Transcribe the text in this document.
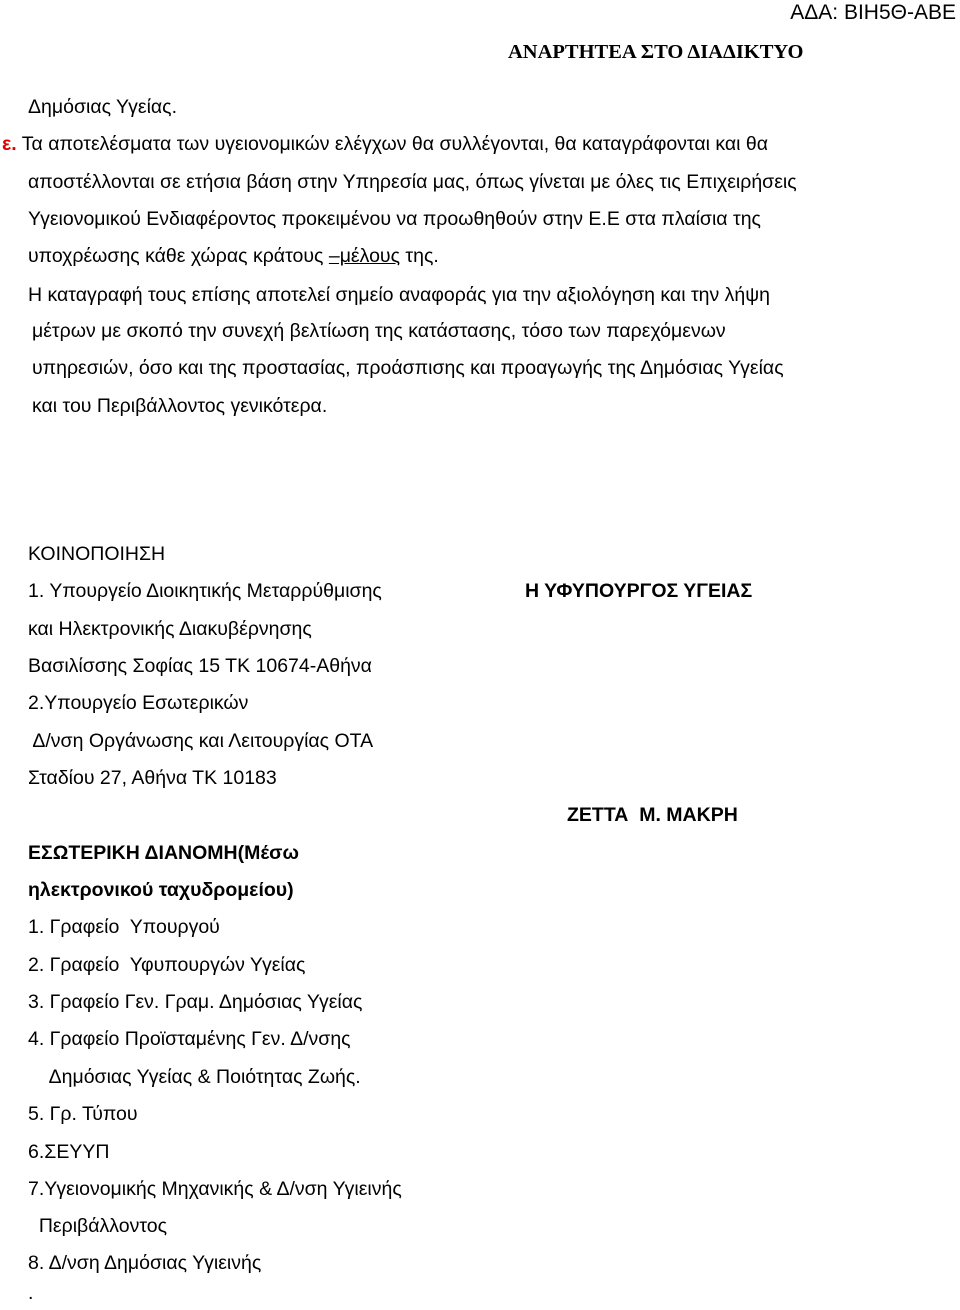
ΑΔΑ: ΒΙΗ5Θ-ΑΒΕ
ΑΝΑΡΤΗΤΕΑ ΣΤΟ ΔΙΑΔΙΚΤΥΟ
Δημόσιας Υγείας.
ε. Τα αποτελέσματα των υγειονομικών ελέγχων θα συλλέγονται, θα καταγράφονται και θα
αποστέλλονται σε ετήσια βάση στην Υπηρεσία μας, όπως γίνεται με όλες τις Επιχειρήσεις
Υγειονομικού Ενδιαφέροντος προκειμένου να προωθηθούν στην Ε.Ε στα πλαίσια της
υποχρέωσης κάθε χώρας κράτους –μέλους της.
Η καταγραφή τους επίσης αποτελεί σημείο αναφοράς για την αξιολόγηση και την λήψη
μέτρων με σκοπό την συνεχή βελτίωση της κατάστασης, τόσο των παρεχόμενων
υπηρεσιών, όσο και της προστασίας, προάσπισης και προαγωγής της Δημόσιας Υγείας
και του Περιβάλλοντος γενικότερα.
ΚΟΙΝΟΠΟΙΗΣΗ
1. Υπουργείο Διοικητικής Μεταρρύθμισης
και Ηλεκτρονικής Διακυβέρνησης
Βασιλίσσης Σοφίας 15 ΤΚ 10674-Αθήνα
2.Υπουργείο Εσωτερικών
Δ/νση Οργάνωσης και Λειτουργίας ΟΤΑ
Σταδίου 27, Αθήνα ΤΚ 10183
Η ΥΦΥΠΟΥΡΓΟΣ ΥΓΕΙΑΣ
ΖΕΤΤΑ  Μ. ΜΑΚΡΗ
ΕΣΩΤΕΡΙΚΗ ΔΙΑΝΟΜΗ(Μέσω
ηλεκτρονικού ταχυδρομείου)
1. Γραφείο  Υπουργού
2. Γραφείο  Υφυπουργών Υγείας
3. Γραφείο Γεν. Γραμ. Δημόσιας Υγείας
4. Γραφείο Προϊσταμένης Γεν. Δ/νσης
Δημόσιας Υγείας & Ποιότητας Ζωής.
5. Γρ. Τύπου
6.ΣΕΥΥΠ
7.Υγειονομικής Μηχανικής & Δ/νση Υγιεινής
Περιβάλλοντος
8. Δ/νση Δημόσιας Υγιεινής
.
